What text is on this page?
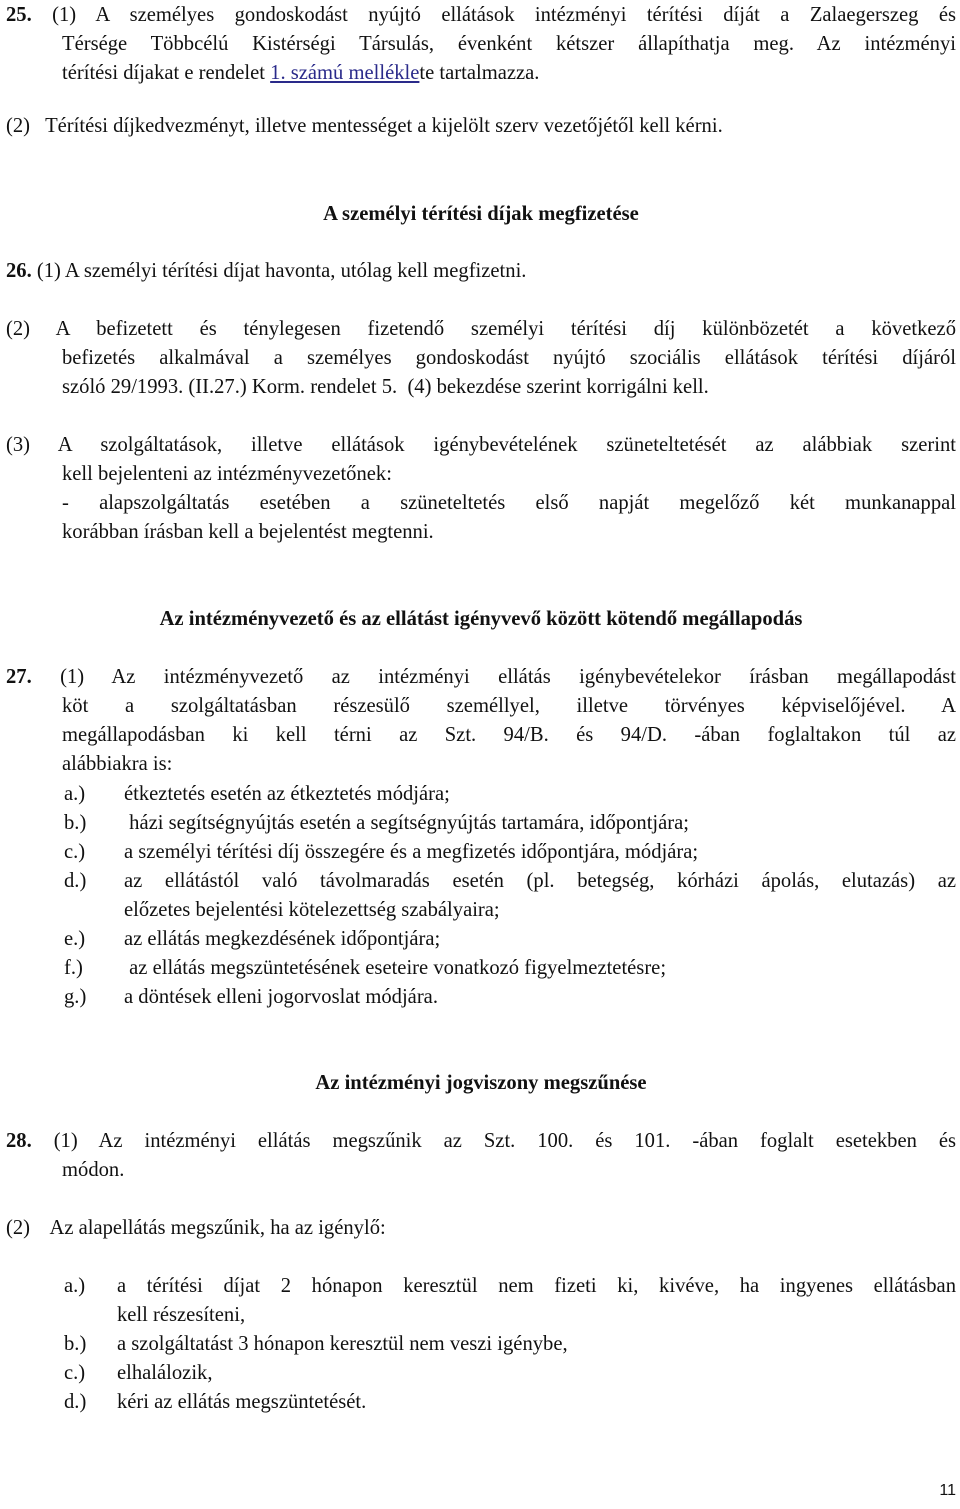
25. (1) A személyes gondoskodást nyújtó ellátások intézményi térítési díját a Zalaegerszeg és
Térsége Többcélú Kistérségi Társulás, évenként kétszer állapíthatja meg. Az intézményi
térítési díjakat e rendelet 1. számú melléklete tartalmazza.
(2)   Térítési díjkedvezményt, illetve mentességet a kijelölt szerv vezetőjétől kell kérni.
A személyi térítési díjak megfizetése
26. (1) A személyi térítési díjat havonta, utólag kell megfizetni.
(2) A befizetett és ténylegesen fizetendő személyi térítési díj különbözetét a következő
befizetés alkalmával a személyes gondoskodást nyújtó szociális ellátások térítési díjáról
szóló 29/1993. (II.27.) Korm. rendelet 5.  (4) bekezdése szerint korrigálni kell.
(3) A szolgáltatások, illetve ellátások igénybevételének szüneteltetését az alábbiak szerint
kell bejelenteni az intézményvezetőnek:
- alapszolgáltatás esetében a szüneteltetés első napját megelőző két munkanappal
korábban írásban kell a bejelentést megtenni.
Az intézményvezető és az ellátást igényvevő között kötendő megállapodás
27. (1) Az intézményvezető az intézményi ellátás igénybevételekor írásban megállapodást
köt a szolgáltatásban részesülő személlyel, illetve törvényes képviselőjével. A
megállapodásban ki kell térni az Szt. 94/B. és 94/D. -ában foglaltakon túl az
alábbiakra is:
a.) étkeztetés esetén az étkeztetés módjára;
b.) házi segítségnyújtás esetén a segítségnyújtás tartamára, időpontjára;
c.) a személyi térítési díj összegére és a megfizetés időpontjára, módjára;
d.) az ellátástól való távolmaradás esetén (pl. betegség, kórházi ápolás, elutazás) az
előzetes bejelentési kötelezettség szabályaira;
e.) az ellátás megkezdésének időpontjára;
f.) az ellátás megszüntetésének eseteire vonatkozó figyelmeztetésre;
g.) a döntések elleni jogorvoslat módjára.
Az intézményi jogviszony megszűnése
28. (1) Az intézményi ellátás megszűnik az Szt. 100. és 101. -ában foglalt esetekben és
módon.
(2)    Az alapellátás megszűnik, ha az igénylő:
a.) a térítési díjat 2 hónapon keresztül nem fizeti ki, kivéve, ha ingyenes ellátásban
kell részesíteni,
b.) a szolgáltatást 3 hónapon keresztül nem veszi igénybe,
c.) elhalálozik,
d.) kéri az ellátás megszüntetését.
11
